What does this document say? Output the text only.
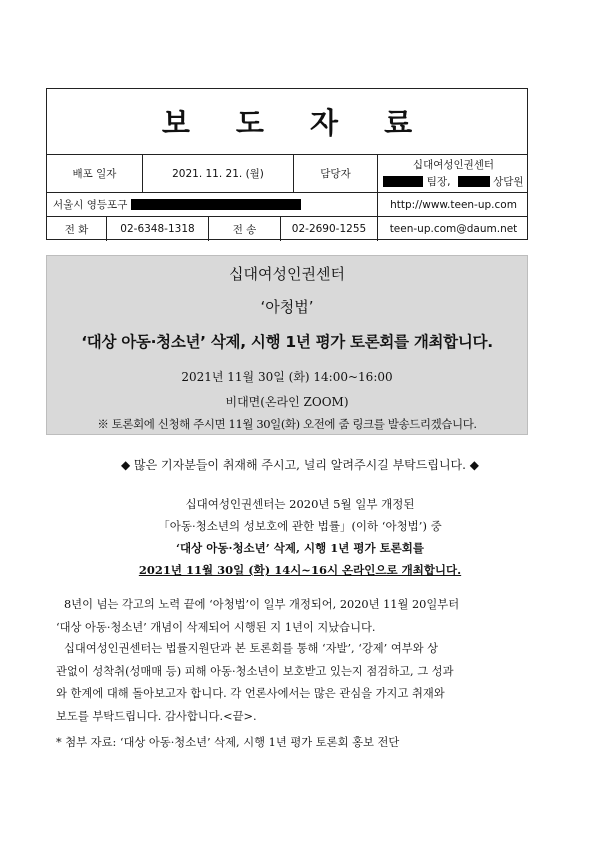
보 도 자 료
배포 일자	2021. 11. 21. (월)	담당자
십대여성인권센터
팀장,	상담원
서울시 영등포구	http://www.teen-up.com
전 화	02-6348-1318	전 송	02-2690-1255	teen-up.com@daum.net
십대여성인권센터
‘아청법’
‘대상 아동·청소년’ 삭제, 시행 1년 평가 토론회를 개최합니다.
2021년 11월 30일 (화) 14:00~16:00
비대면(온라인 ZOOM)
※ 토론회에 신청해 주시면 11월 30일(화) 오전에 줌 링크를 발송드리겠습니다.
◆ 많은 기자분들이 취재해 주시고, 널리 알려주시길 부탁드립니다. ◆
십대여성인권센터는 2020년 5월 일부 개정된
「아동·청소년의 성보호에 관한 법률」(이하 ‘아청법’) 중
‘대상 아동·청소년’ 삭제, 시행 1년 평가 토론회를
2021년 11월 30일 (화) 14시~16시 온라인으로 개최합니다.
8년이 넘는 각고의 노력 끝에 ‘아청법’이 일부 개정되어, 2020년 11월 20일부터
‘대상 아동·청소년’ 개념이 삭제되어 시행된 지 1년이 지났습니다.
십대여성인권센터는 법률지원단과 본 토론회를 통해 ‘자발’, ‘강제’ 여부와 상
관없이 성착취(성매매 등) 피해 아동·청소년이 보호받고 있는지 점검하고, 그 성과
와 한계에 대해 돌아보고자 합니다. 각 언론사에서는 많은 관심을 가지고 취재와
보도를 부탁드립니다. 감사합니다.<끝>.
* 첨부 자료: ‘대상 아동·청소년’ 삭제, 시행 1년 평가 토론회 홍보 전단
